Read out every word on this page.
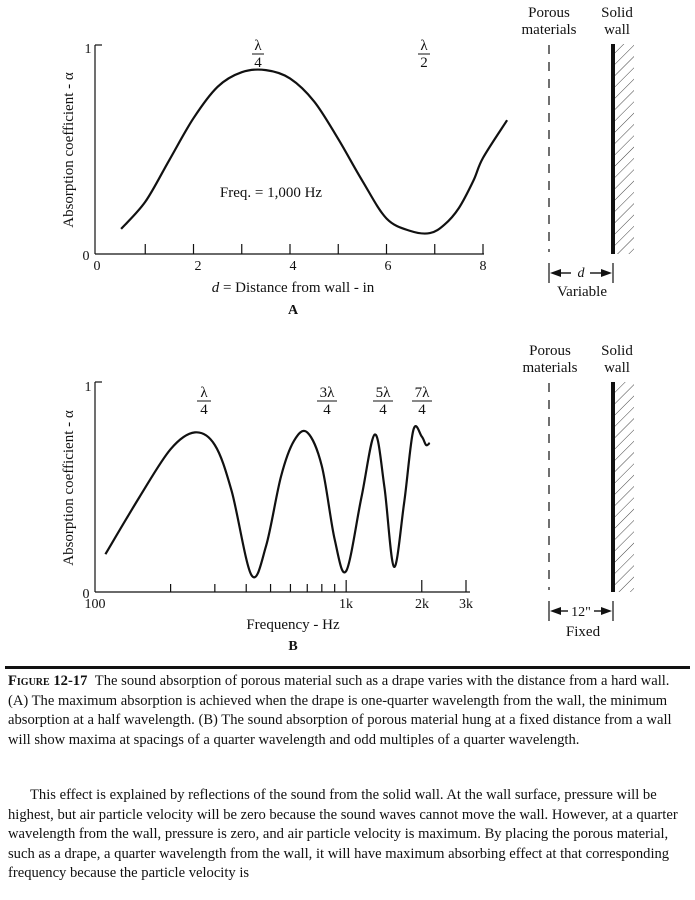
Absorption coefficient - α
1
0
0	2	4	6	8
d = Distance from wall - in
A
Freq. = 1,000 Hz
λ
4
λ
2
Porous
materials
Solid
wall
d
Variable
Absorption coefficient - α
1
0
100	1k	2k 3k
Frequency - Hz
B
λ
4
3λ
4
5λ
4
7λ
4
Porous
materials
Solid
wall
12"
Fixed
Figure 12-17 The sound absorption of porous material such as a drape varies with the distance from a hard wall. (A) The maximum absorption is achieved when the drape is one-quarter wavelength from the wall, the minimum absorption at a half wavelength. (B) The sound absorption of porous material hung at a fixed distance from a wall will show maxima at spacings of a quarter wavelength and odd multiples of a quarter wavelength.

This effect is explained by reflections of the sound from the solid wall. At the wall surface, pressure will be highest, but air particle velocity will be zero because the sound waves cannot move the wall. However, at a quarter wavelength from the wall, pressure is zero, and air particle velocity is maximum. By placing the porous material, such as a drape, a quarter wavelength from the wall, it will have maximum absorbing effect at that corresponding frequency because the particle velocity is
